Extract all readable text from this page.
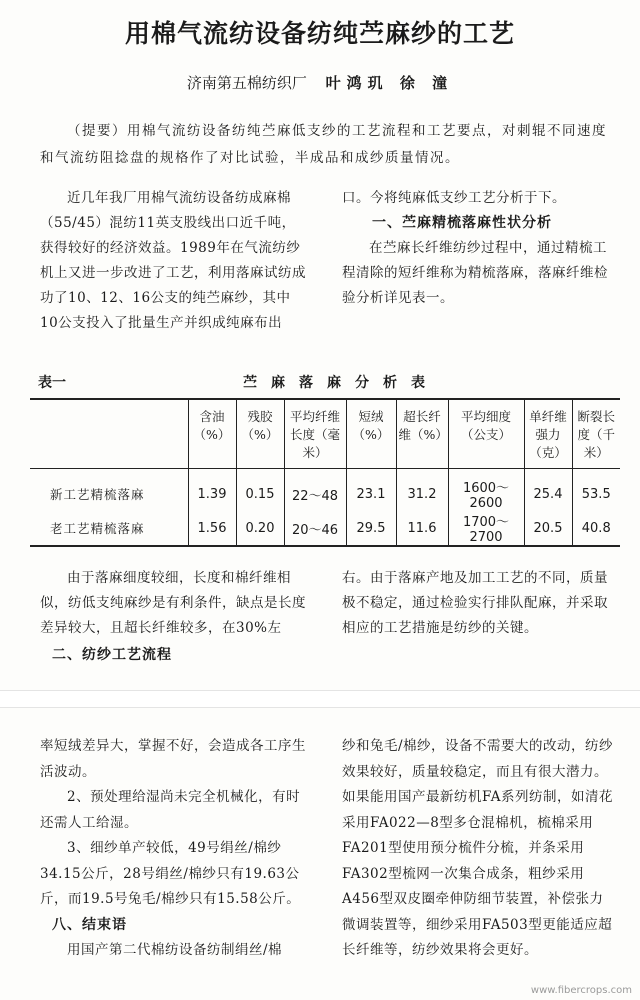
用棉气流纺设备纺纯苎麻纱的工艺
济南第五棉纺织厂 叶鸿玑 徐 潼
（提要）用棉气流纺设备纺纯苎麻低支纱的工艺流程和工艺要点，对刺辊不同速度和气流纺阻捻盘的规格作了对比试验，半成品和成纱质量情况。

近几年我厂用棉气流纺设备纺成麻棉（55/45）混纺11英支股线出口近千吨，获得较好的经济效益。1989年在气流纺纱机上又进一步改进了工艺，利用落麻试纺成功了10、12、16公支的纯苎麻纱，其中10公支投入了批量生产并织成纯麻布出

口。今将纯麻低支纱工艺分析于下。

一、苎麻精梳落麻性状分析

在苎麻长纤维纺纱过程中，通过精梳工程清除的短纤维称为精梳落麻，落麻纤维检验分析详见表一。

表一	苎麻落麻分析表
	含油（%）	残胶（%）	平均纤维长度（毫米）	短绒（%）	超长纤维（%）	平均细度（公支）	单纤维强力（克）	断裂长度（千米）
新工艺精梳落麻	1.39	0.15	22～48	23.1	31.2	1600～2600	25.4	53.5
老工艺精梳落麻	1.56	0.20	20～46	29.5	11.6	1700～2700	20.5	40.8

由于落麻细度较细，长度和棉纤维相似，纺低支纯麻纱是有利条件，缺点是长度差异较大，且超长纤维较多，在30%左

二、纺纱工艺流程

右。由于落麻产地及加工工艺的不同，质量极不稳定，通过检验实行排队配麻，并采取相应的工艺措施是纺纱的关键。

率短绒差异大，掌握不好，会造成各工序生活波动。

2、预处理给湿尚未完全机械化，有时还需人工给湿。

3、细纱单产较低，49号绢丝/棉纱34.15公斤，28号绢丝/棉纱只有19.63公斤，而19.5号兔毛/棉纱只有15.58公斤。

八、结束语

用国产第二代棉纺设备纺制绢丝/棉

纱和兔毛/棉纱，设备不需要大的改动，纺纱效果较好，质量较稳定，而且有很大潜力。如果能用国产最新纺机FA系列纺制，如清花采用FA022—8型多仓混棉机，梳棉采用FA201型使用预分梳件分梳，并条采用FA302型梳网一次集合成条，粗纱采用A456型双皮圈牵伸防细节装置，补偿张力微调装置等，细纱采用FA503型更能适应超长纤维等，纺纱效果将会更好。

www.fibercrops.com
